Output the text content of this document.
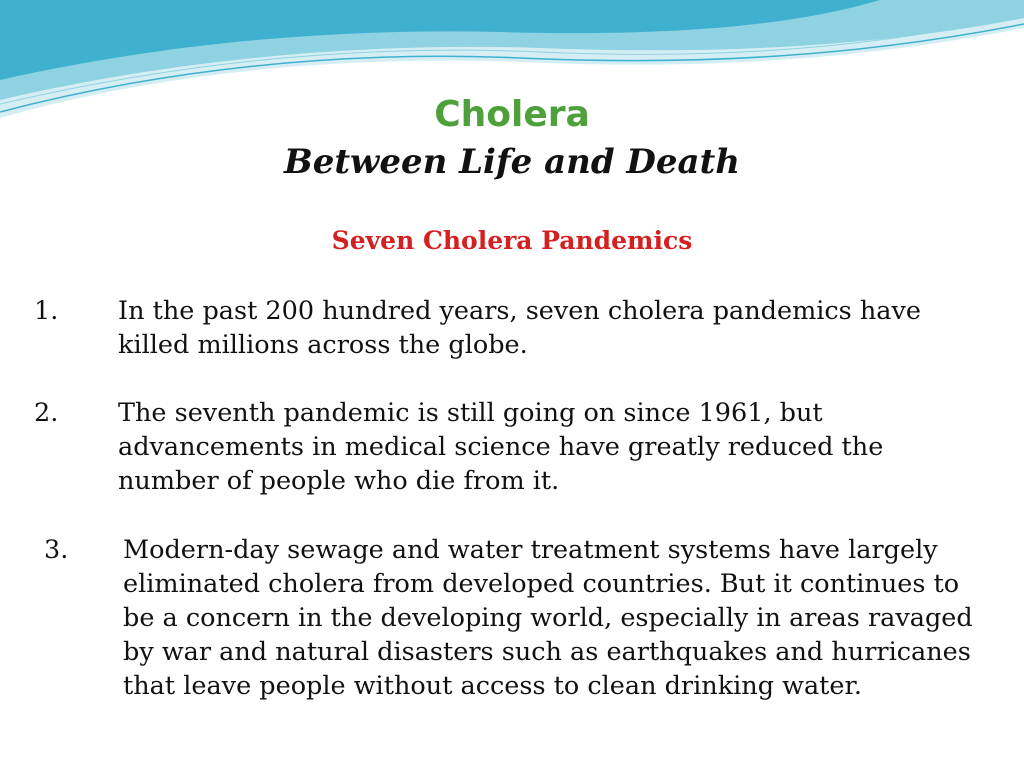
Cholera
Between Life and Death
Seven Cholera Pandemics
1. In the past 200 hundred years, seven cholera pandemics have killed millions across the globe.
2. The seventh pandemic is still going on since 1961, but advancements in medical science have greatly reduced the number of people who die from it.
3. Modern-day sewage and water treatment systems have largely eliminated cholera from developed countries. But it continues to be a concern in the developing world, especially in areas ravaged by war and natural disasters such as earthquakes and hurricanes that leave people without access to clean drinking water.
